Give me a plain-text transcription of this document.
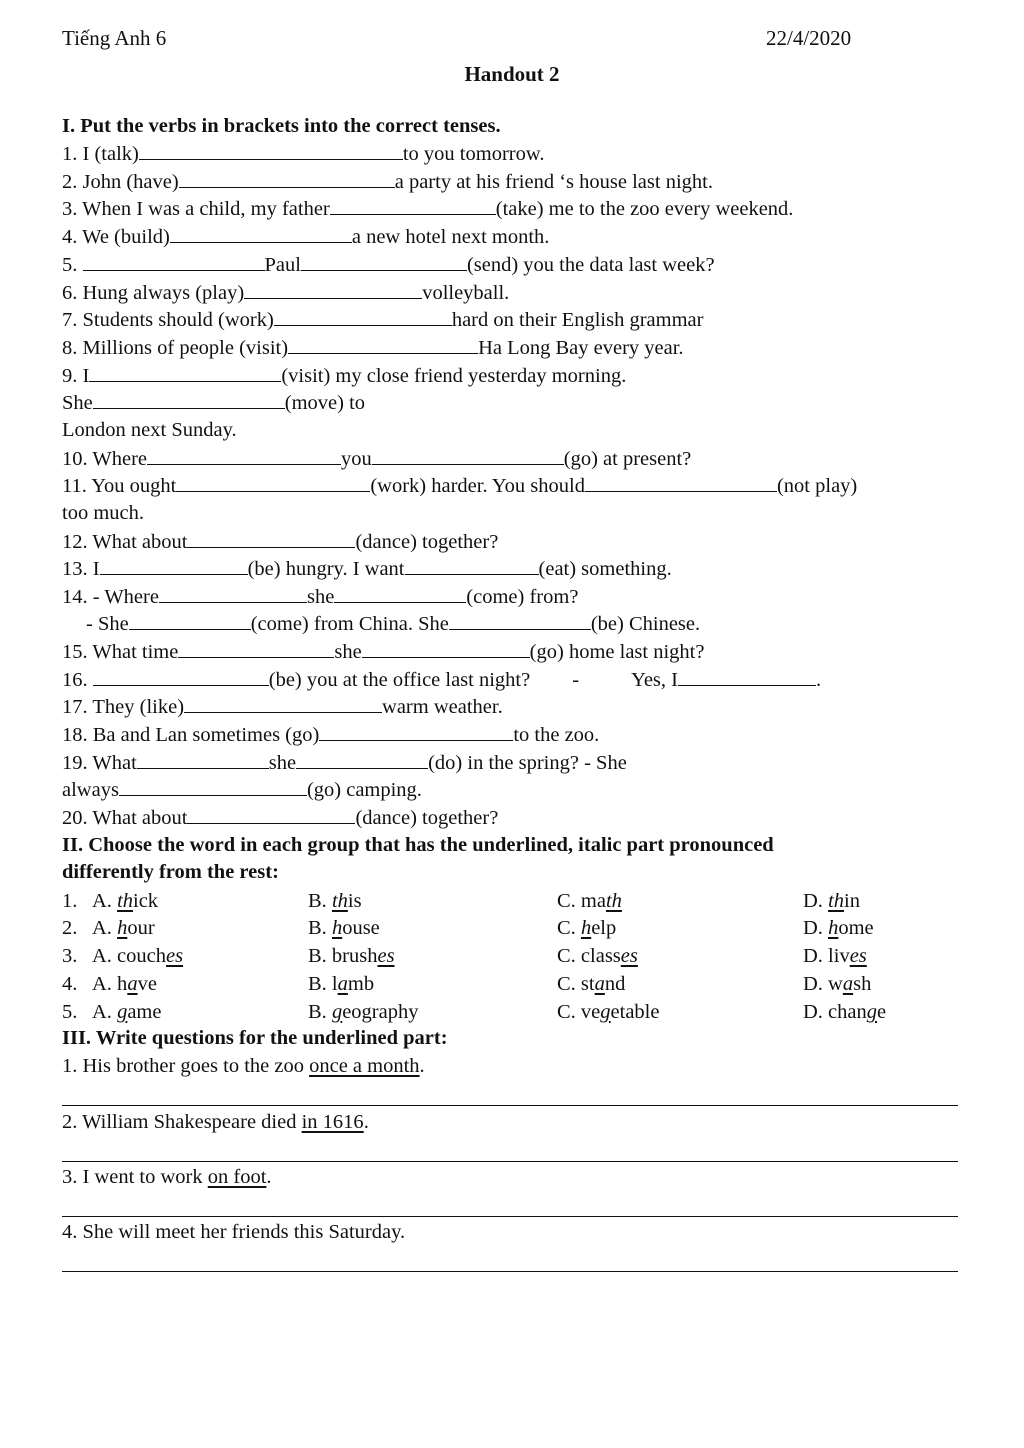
Tiếng Anh 6	22/4/2020
Handout 2
I. Put the verbs in brackets into the correct tenses.
1. I (talk)	to you tomorrow.
2. John (have)	a party at his friend ‘s house last night.
3. When I was a child, my father	(take) me to the zoo every weekend.
4. We (build)	a new hotel next month.
5.	Paul	(send) you the data last week?
6. Hung always (play)	volleyball.
7. Students should (work)	hard on their English grammar
8. Millions of people (visit)	Ha Long Bay every year.
9. I	(visit) my close friend yesterday morning.
She	(move) to
London next Sunday.
10. Where	you	(go) at present?
11. You ought	(work) harder. You should	(not play)
too much.
12. What about	(dance) together?
13. I	(be) hungry. I want	(eat) something.
14. - Where	she	(come) from?
- She	(come) from China. She	(be) Chinese.
15. What time	she	(go) home last night?
16.	(be) you at the office last night? -	Yes, I	.
17. They (like)	warm weather.
18. Ba and Lan sometimes (go)	to the zoo.
19. What	she	(do) in the spring? - She
always	(go) camping.
20. What about	(dance) together?
II. Choose the word in each group that has the underlined, italic part pronounced
differently from the rest:
1. A. thick	B. this	C. math	D. thin
2. A. hour	B. house	C. help	D. home
3. A. couches	B. brushes	C. classes	D. lives
4. A. have	B. lamb	C. stand	D. wash
5. A. game	B. geography	C. vegetable	D. change
III. Write questions for the underlined part:
1. His brother goes to the zoo once a month.
2. William Shakespeare died in 1616.
3. I went to work on foot.
4. She will meet her friends this Saturday.
